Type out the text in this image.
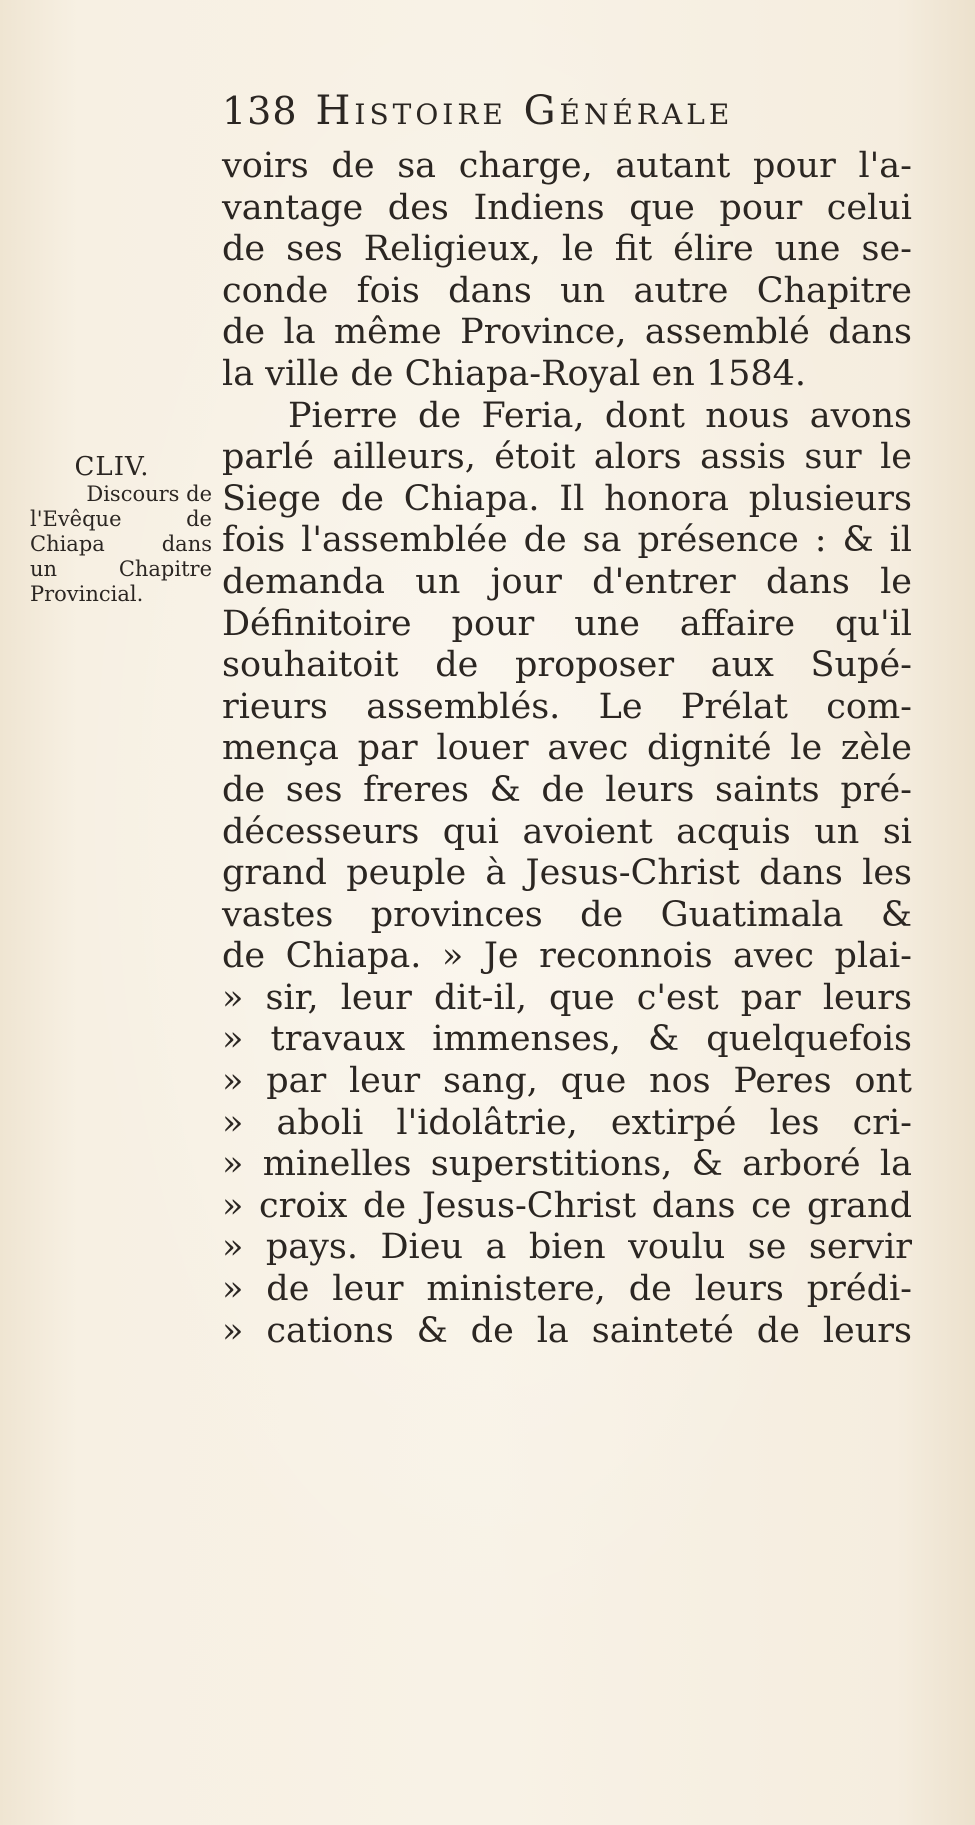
138 Histoire Générale
CLIV.
Discours de
l'Evêque de
Chiapa dans
un Chapitre
Provincial.
voirs de sa charge, autant pour l'a-
vantage des Indiens que pour celui
de ses Religieux, le fit élire une se-
conde fois dans un autre Chapitre
de la même Province, assemblé dans
la ville de Chiapa-Royal en 1584.
Pierre de Feria, dont nous avons
parlé ailleurs, étoit alors assis sur le
Siege de Chiapa. Il honora plusieurs
fois l'assemblée de sa présence : & il
demanda un jour d'entrer dans le
Définitoire pour une affaire qu'il
souhaitoit de proposer aux Supé-
rieurs assemblés. Le Prélat com-
mença par louer avec dignité le zèle
de ses freres & de leurs saints pré-
décesseurs qui avoient acquis un si
grand peuple à Jesus-Christ dans les
vastes provinces de Guatimala &
de Chiapa. » Je reconnois avec plai-
» sir, leur dit-il, que c'est par leurs
» travaux immenses, & quelquefois
» par leur sang, que nos Peres ont
» aboli l'idolâtrie, extirpé les cri-
» minelles superstitions, & arboré la
» croix de Jesus-Christ dans ce grand
» pays. Dieu a bien voulu se servir
» de leur ministere, de leurs prédi-
» cations & de la sainteté de leurs
